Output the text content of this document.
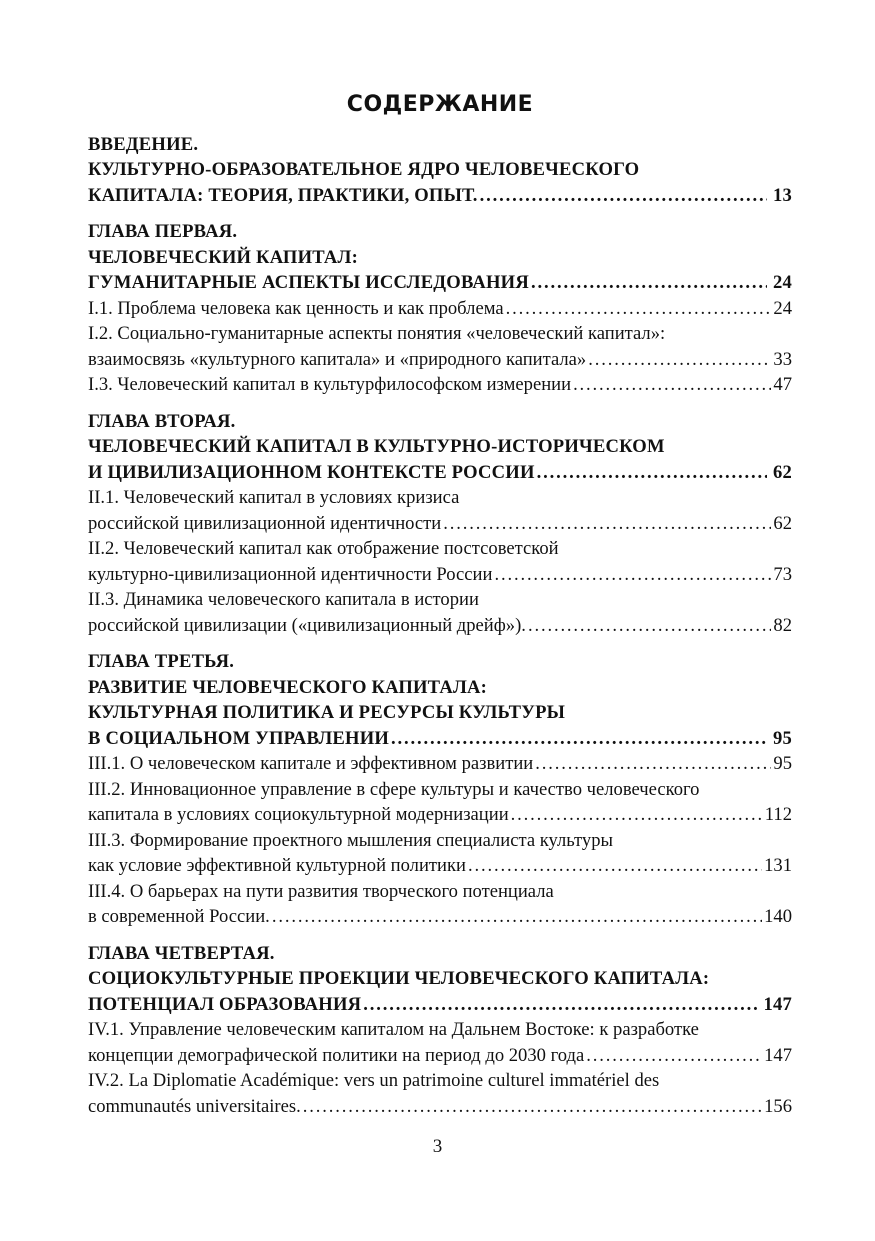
СОДЕРЖАНИЕ
ВВЕДЕНИЕ.
КУЛЬТУРНО-ОБРАЗОВАТЕЛЬНОЕ ЯДРО ЧЕЛОВЕЧЕСКОГО
КАПИТАЛА: ТЕОРИЯ, ПРАКТИКИ, ОПЫТ. . . .	13
ГЛАВА ПЕРВАЯ.
ЧЕЛОВЕЧЕСКИЙ КАПИТАЛ:
ГУМАНИТАРНЫЕ АСПЕКТЫ ИССЛЕДОВАНИЯ . . .	24
I.1. Проблема человека как ценность и как проблема . . .	24
I.2. Социально-гуманитарные аспекты понятия «человеческий капитал»:
взаимосвязь «культурного капитала» и «природного капитала» . . .	33
I.3. Человеческий капитал в культурфилософском измерении . . .	47
ГЛАВА ВТОРАЯ.
ЧЕЛОВЕЧЕСКИЙ КАПИТАЛ В КУЛЬТУРНО-ИСТОРИЧЕСКОМ
И ЦИВИЛИЗАЦИОННОМ КОНТЕКСТЕ РОССИИ . . .	62
II.1. Человеческий капитал в условиях кризиса
российской цивилизационной идентичности . . .	62
II.2. Человеческий капитал как отображение постсоветской
культурно-цивилизационной идентичности России . . .	73
II.3. Динамика человеческого капитала в истории
российской цивилизации («цивилизационный дрейф»). . . .	82
ГЛАВА ТРЕТЬЯ.
РАЗВИТИЕ ЧЕЛОВЕЧЕСКОГО КАПИТАЛА:
КУЛЬТУРНАЯ ПОЛИТИКА И РЕСУРСЫ КУЛЬТУРЫ
В СОЦИАЛЬНОМ УПРАВЛЕНИИ . . .	95
III.1. О человеческом капитале и эффективном развитии . . .	95
III.2. Инновационное управление в сфере культуры и качество человеческого
капитала в условиях социокультурной модернизации . . .	112
III.3. Формирование проектного мышления специалиста культуры
как условие эффективной культурной политики . . .	131
III.4. О барьерах на пути развития творческого потенциала
в современной России. . . .	140
ГЛАВА ЧЕТВЕРТАЯ.
СОЦИОКУЛЬТУРНЫЕ ПРОЕКЦИИ ЧЕЛОВЕЧЕСКОГО КАПИТАЛА:
ПОТЕНЦИАЛ ОБРАЗОВАНИЯ . . .	147
IV.1. Управление человеческим капиталом на Дальнем Востоке: к разработке
концепции демографической политики на период до 2030 года . . .	147
IV.2. La Diplomatie Académique: vers un patrimoine culturel immatériel des
communautés universitaires. . . .	156
3
